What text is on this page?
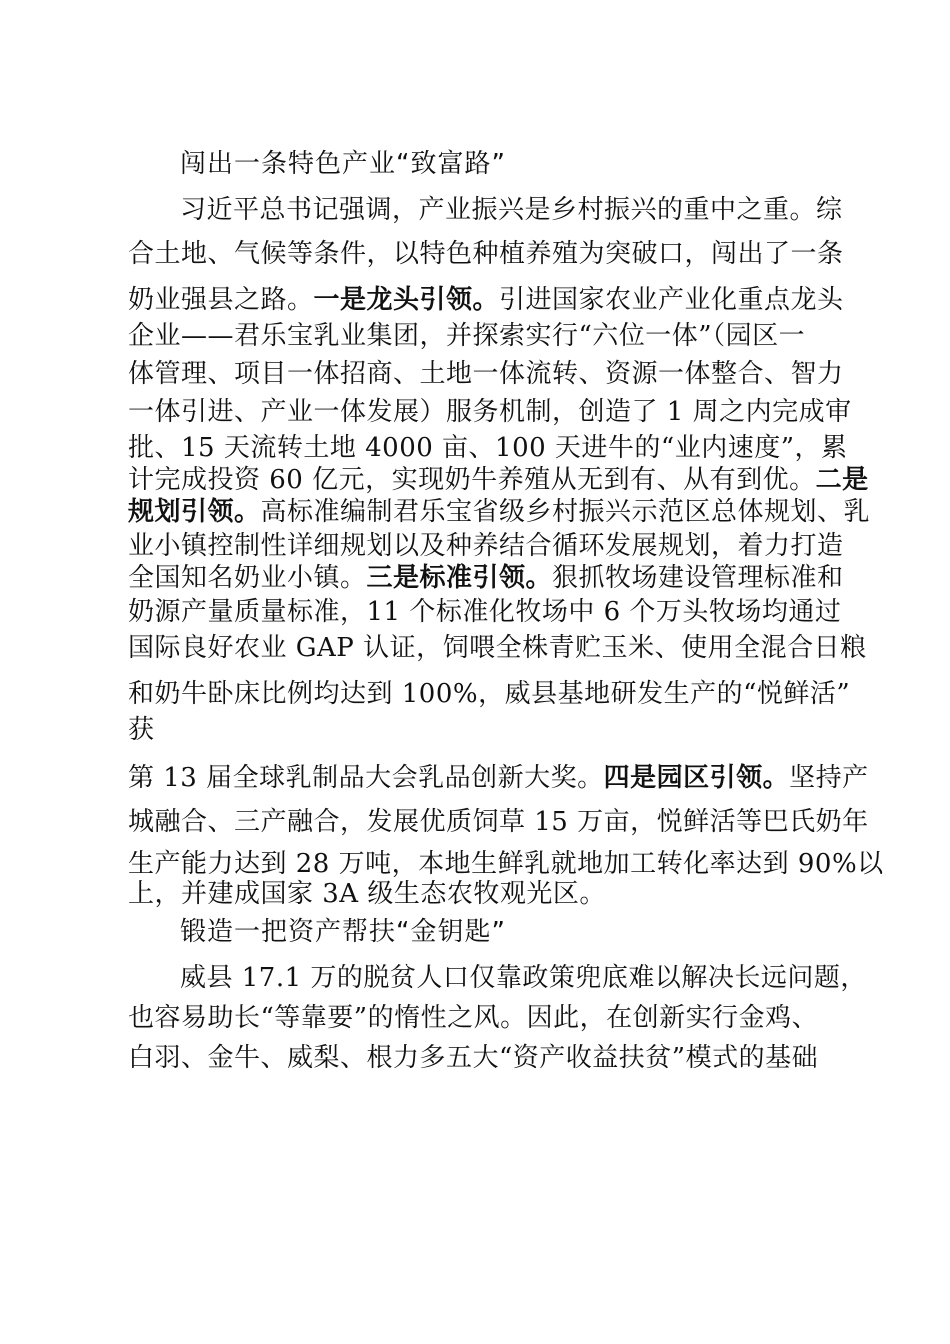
闯出一条特色产业“致富路”
习近平总书记强调，产业振兴是乡村振兴的重中之重。综
合土地、气候等条件，以特色种植养殖为突破口，闯出了一条
奶业强县之路。一是龙头引领。引进国家农业产业化重点龙头
企业——君乐宝乳业集团，并探索实行“六位一体”（园区一
体管理、项目一体招商、土地一体流转、资源一体整合、智力
一体引进、产业一体发展）服务机制，创造了 1 周之内完成审
批、15 天流转土地 4000 亩、100 天进牛的“业内速度”，累
计完成投资 60 亿元，实现奶牛养殖从无到有、从有到优。二是
规划引领。高标准编制君乐宝省级乡村振兴示范区总体规划、乳
业小镇控制性详细规划以及种养结合循环发展规划，着力打造
全国知名奶业小镇。三是标准引领。狠抓牧场建设管理标准和
奶源产量质量标准，11 个标准化牧场中 6 个万头牧场均通过
国际良好农业 GAP 认证，饲喂全株青贮玉米、使用全混合日粮
和奶牛卧床比例均达到 100%，威县基地研发生产的“悦鲜活”
获
第 13 届全球乳制品大会乳品创新大奖。四是园区引领。坚持产
城融合、三产融合，发展优质饲草 15 万亩，悦鲜活等巴氏奶年
生产能力达到 28 万吨，本地生鲜乳就地加工转化率达到 90%以
上，并建成国家 3A 级生态农牧观光区。
锻造一把资产帮扶“金钥匙”
威县 17.1 万的脱贫人口仅靠政策兜底难以解决长远问题，
也容易助长“等靠要”的惰性之风。因此，在创新实行金鸡、
白羽、金牛、威梨、根力多五大“资产收益扶贫”模式的基础
